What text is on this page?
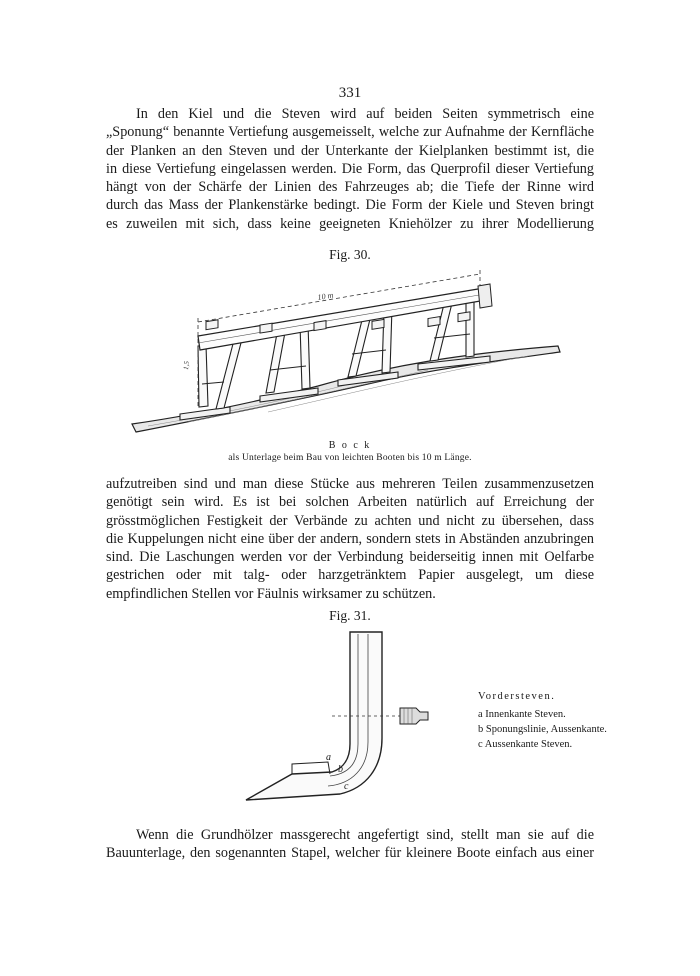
331
In den Kiel und die Steven wird auf beiden Seiten symmetrisch eine
„Sponung“ benannte Vertiefung ausgemeisselt, welche zur Aufnahme der Kernfläche
der Planken an den Steven und der Unterkante der Kielplanken bestimmt ist, die
in diese Vertiefung eingelassen werden. Die Form, das Querprofil dieser Vertiefung
hängt von der Schärfe der Linien des Fahrzeuges ab; die Tiefe der Rinne wird
durch das Mass der Plankenstärke bedingt. Die Form der Kiele und Steven bringt
es zuweilen mit sich, dass keine geeigneten Kniehölzer zu ihrer Modellierung
Fig. 30.
10 m
1,5
B o c k
als Unterlage beim Bau von leichten Booten bis 10 m Länge.
aufzutreiben sind und man diese Stücke aus mehreren Teilen zusammenzusetzen
genötigt sein wird. Es ist bei solchen Arbeiten natürlich auf Erreichung der
grösstmöglichen Festigkeit der Verbände zu achten und nicht zu übersehen, dass
die Kuppelungen nicht eine über der andern, sondern stets in Abständen anzubringen
sind. Die Laschungen werden vor der Verbindung beiderseitig innen mit Oelfarbe
gestrichen oder mit talg- oder harzgetränktem Papier ausgelegt, um diese
empfindlichen Stellen vor Fäulnis wirksamer zu schützen.
Fig. 31.
a
b
c
Vordersteven.
a Innenkante Steven.
b Sponungslinie, Aussenkante.
c Aussenkante Steven.
Wenn die Grundhölzer massgerecht angefertigt sind, stellt man sie auf die
Bauunterlage, den sogenannten Stapel, welcher für kleinere Boote einfach aus einer
